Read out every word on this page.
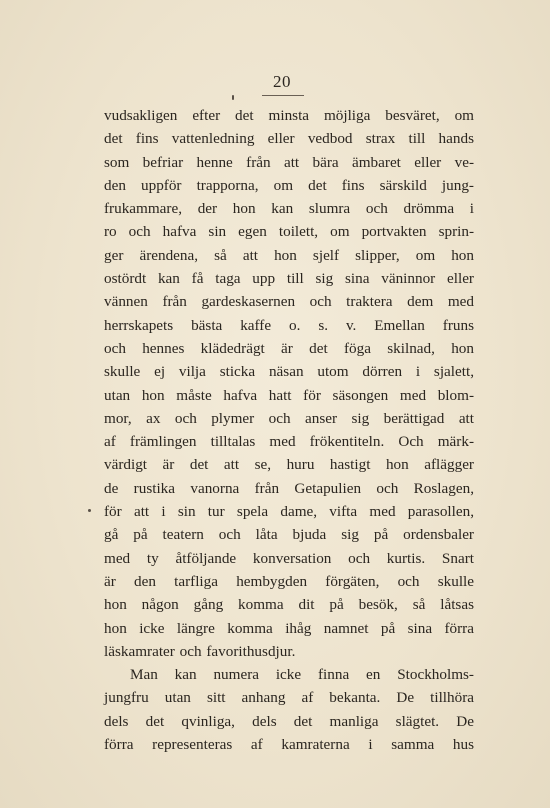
20
vudsakligen efter det minsta möjliga besväret, om
det fins vattenledning eller vedbod strax till hands
som befriar henne från att bära ämbaret eller ve-
den uppför trapporna, om det fins särskild jung-
frukammare, der hon kan slumra och drömma i
ro och hafva sin egen toilett, om portvakten sprin-
ger ärendena, så att hon sjelf slipper, om hon
ostördt kan få taga upp till sig sina väninnor eller
vännen från gardeskasernen och traktera dem med
herrskapets bästa kaffe o. s. v. Emellan fruns
och hennes klädedrägt är det föga skilnad, hon
skulle ej vilja sticka näsan utom dörren i sjalett,
utan hon måste hafva hatt för säsongen med blom-
mor, ax och plymer och anser sig berättigad att
af främlingen tilltalas med frökentiteln. Och märk-
värdigt är det att se, huru hastigt hon aflägger
de rustika vanorna från Getapulien och Roslagen,
för att i sin tur spela dame, vifta med parasollen,
gå på teatern och låta bjuda sig på ordensbaler
med ty åtföljande konversation och kurtis. Snart
är den tarfliga hembygden förgäten, och skulle
hon någon gång komma dit på besök, så låtsas
hon icke längre komma ihåg namnet på sina förra
läskamrater och favorithusdjur.
Man kan numera icke finna en Stockholms-
jungfru utan sitt anhang af bekanta. De tillhöra
dels det qvinliga, dels det manliga slägtet. De
förra representeras af kamraterna i samma hus
